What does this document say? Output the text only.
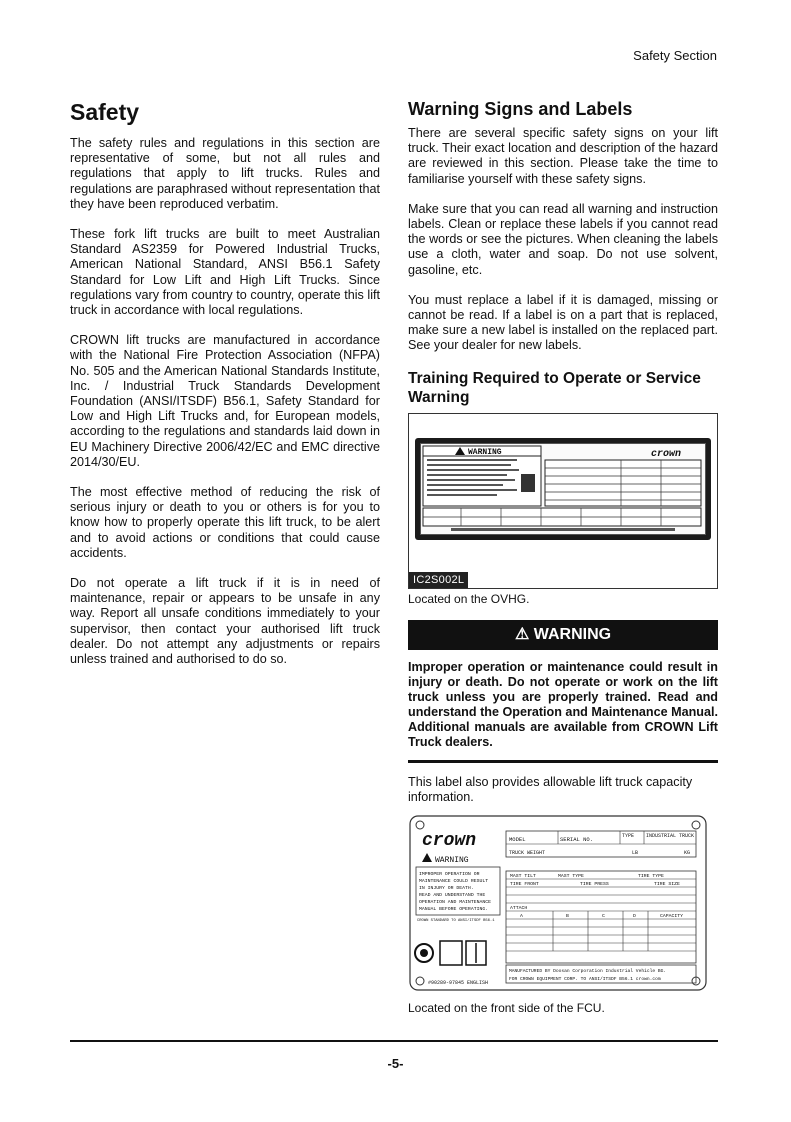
Safety Section
Safety

The safety rules and regulations in this section are representative of some, but not all rules and regulations that apply to lift trucks. Rules and regulations are paraphrased without representation that they have been reproduced verbatim.

These fork lift trucks are built to meet Australian Standard AS2359 for Powered Industrial Trucks, American National Standard, ANSI B56.1 Safety Standard for Low Lift and High Lift Trucks. Since regulations vary from country to country, operate this lift truck in accordance with local regulations.

CROWN lift trucks are manufactured in accordance with the National Fire Protection Association (NFPA) No. 505 and the American National Standards Institute, Inc. / Industrial Truck Standards Development Foundation (ANSI/ITSDF) B56.1, Safety Standard for Low and High Lift Trucks and, for European models, according to the regulations and standards laid down in EU Machinery Directive 2006/42/EC and EMC directive 2014/30/EU.

The most effective method of reducing the risk of serious injury or death to you or others is for you to know how to properly operate this lift truck, to be alert and to avoid actions or conditions that could cause accidents.

Do not operate a lift truck if it is in need of maintenance, repair or appears to be unsafe in any way. Report all unsafe conditions immediately to your supervisor, then contact your authorised lift truck dealer. Do not attempt any adjustments or repairs unless trained and authorised to do so.

Warning Signs and Labels

There are several specific safety signs on your lift truck. Their exact location and description of the hazard are reviewed in this section. Please take the time to familiarise yourself with these safety signs.

Make sure that you can read all warning and instruction labels. Clean or replace these labels if you cannot read the words or see the pictures. When cleaning the labels use a cloth, water and soap. Do not use solvent, gasoline, etc.

You must replace a label if it is damaged, missing or cannot be read. If a label is on a part that is replaced, make sure a new label is installed on the replaced part. See your dealer for new labels.

Training Required to Operate or Service Warning
WARNING	crown
IC2S002L

Located on the OVHG.

⚠ WARNING

Improper operation or maintenance could result in injury or death. Do not operate or work on the lift truck unless you are properly trained. Read and understand the Operation and Maintenance Manual. Additional manuals are available from CROWN Lift Truck dealers.

This label also provides allowable lift truck capacity information.

crown	MODEL	SERIAL NO.	TYPE INDUSTRIAL TRUCK
TRUCK WEIGHT	LB	KG
WARNING
IMPROPER OPERATION OR
MAINTENANCE COULD RESULT
IN INJURY OR DEATH.
READ AND UNDERSTAND THE
OPERATION AND MAINTENANCE
MANUAL BEFORE OPERATING.
CROWN STANDARD TO ANSI/ITSDF B56.1
MAST TILT	MAST TYPE	TIRE TYPE
TIRE FRONT	TIRE PRESS	TIRE SIZE
ATTACH
A	B	C	D	CAPACITY
MANUFACTURED BY Doosan Corporation Industrial Vehicle BG.
FOR CROWN EQUIPMENT CORP. TO ANSI/ITSDF B56.1 crown.com
#90289-97845 ENGLISH

Located on the front side of the FCU.

-5-
